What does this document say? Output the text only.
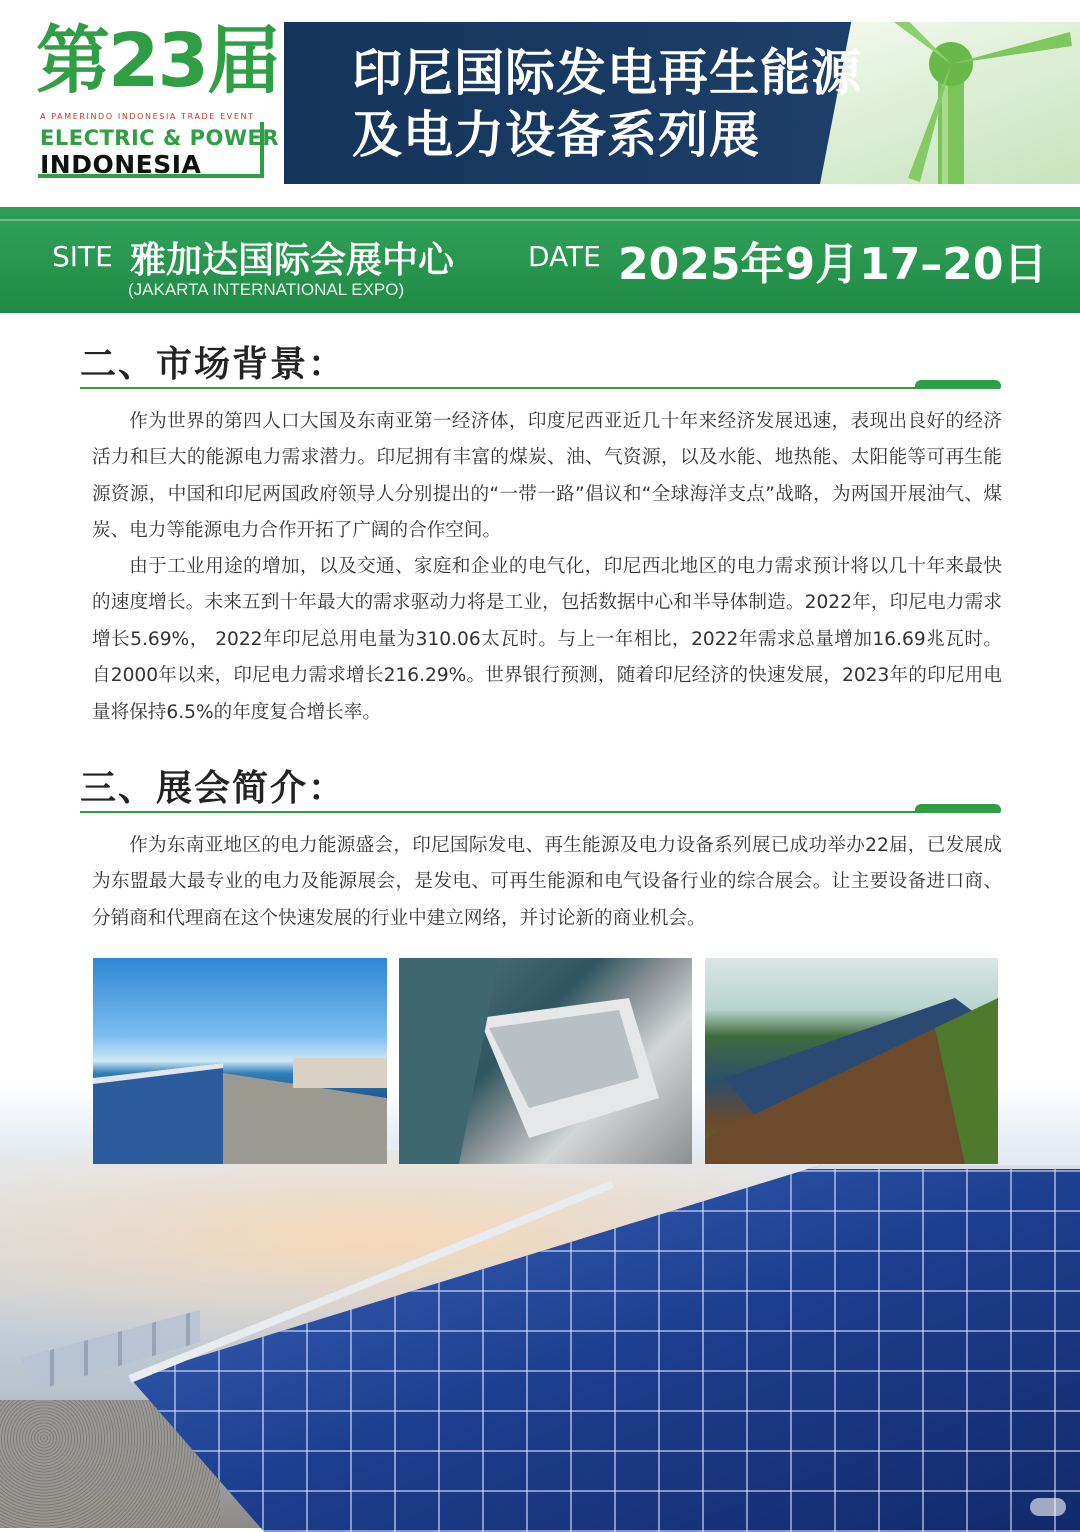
第23届
A PAMERINDO INDONESIA TRADE EVENT
ELECTRIC & POWER
INDONESIA
印尼国际发电再生能源
及电力设备系列展
SITE 雅加达国际会展中心
(JAKARTA INTERNATIONAL EXPO)
DATE 2025年9月17–20日
二、市场背景：

作为世界的第四人口大国及东南亚第一经济体，印度尼西亚近几十年来经济发展迅速，表现出良好的经济活力和巨大的能源电力需求潜力。印尼拥有丰富的煤炭、油、气资源，以及水能、地热能、太阳能等可再生能源资源，中国和印尼两国政府领导人分别提出的“一带一路”倡议和“全球海洋支点”战略，为两国开展油气、煤炭、电力等能源电力合作开拓了广阔的合作空间。

由于工业用途的增加，以及交通、家庭和企业的电气化，印尼西北地区的电力需求预计将以几十年来最快的速度增长。未来五到十年最大的需求驱动力将是工业，包括数据中心和半导体制造。2022年，印尼电力需求增长5.69%， 2022年印尼总用电量为310.06太瓦时。与上一年相比，2022年需求总量增加16.69兆瓦时。 自2000年以来，印尼电力需求增长216.29%。世界银行预测，随着印尼经济的快速发展，2023年的印尼用电量将保持6.5%的年度复合增长率。

三、展会简介：

作为东南亚地区的电力能源盛会，印尼国际发电、再生能源及电力设备系列展已成功举办22届，已发展成为东盟最大最专业的电力及能源展会，是发电、可再生能源和电气设备行业的综合展会。让主要设备进口商、分销商和代理商在这个快速发展的行业中建立网络，并讨论新的商业机会。
